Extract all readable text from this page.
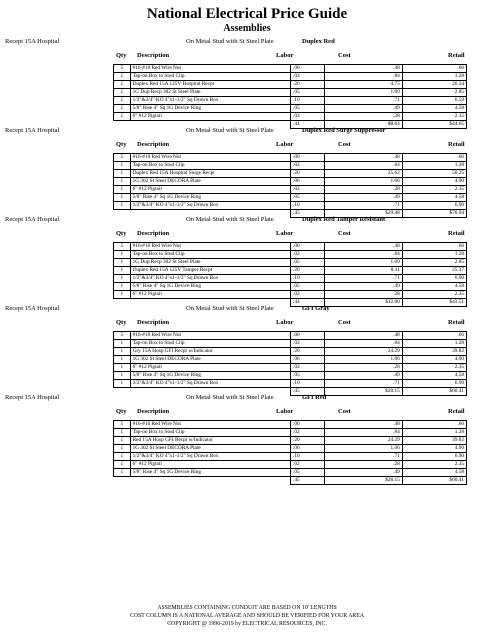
National Electrical Price Guide
Assemblies
Recept 15A Hospital	On Metal Stud with St Steel Plate	Duplex Red
Qty Description	Labor	Cost	Retail
5	#16-#10 Red Wire Nut	.00	.48	.66
1	Tap-on Box to Stud Clip	.02	.84	1.28
1	Duplex Red 15A 125V Hospital Recpt	.20	4.75	26.34
1	1G Dup Recp 302 St Steel Plate	.05	1.09	2.85
1	1/2"&3/4" KO 4"x1-1/2" Sq Drawn Box	.10	.71	6.59
1	5/8" Rise 4" Sq 1G Device Ring	.05	.49	4.58
1	6" #12 Pigtail	.02	.28	2.35
		.44	$8.64	$44.65
Recept 15A Hospital	On Metal Stud with St Steel Plate	Duplex Red Surge Suppressor
Qty Description	Labor	Cost	Retail
5	#16-#10 Red Wire Nut	.00	.48	.66
1	Tap-on Box to Stud Clip	.02	.84	1.28
1	Duplex Red 15A Hospital Surge Recpt	.20	25.62	50.25
1	1G 302 St Steel DECORA Plate	.06	1.06	4.90
1	6" #12 Pigtail	.02	.28	2.35
1	5/8" Rise 4" Sq 1G Device Ring	.05	.49	4.58
1	1/2"&3/4" KO 4"x1-1/2" Sq Drawn Box	.10	.71	6.90
		.45	$29.48	$70.94
Recept 15A Hospital	On Metal Stud with St Steel Plate	Duplex Red Tamper Resistant
Qty Description	Labor	Cost	Retail
5	#16-#10 Red Wire Nut	.00	.48	.66
1	Tap-on Box to Stud Clip	.02	.84	1.28
1	1G Dup Recp 302 St Steel Plate	.05	1.09	2.85
1	Duplex Red 15A 125V Tamper Recpt	.20	8.11	25.37
1	1/2"&3/4" KO 4"x1-1/2" Sq Drawn Box	.10	.71	6.90
1	5/8" Rise 4" Sq 1G Device Ring	.05	.49	4.58
1	6" #12 Pigtail	.02	.28	2.35
		.44	$12.00	$43.51
Recept 15A Hospital	On Metal Stud with St Steel Plate	GFI Gray
Qty Description	Labor	Cost	Retail
5	#16-#10 Red Wire Nut	.00	.48	.66
1	Tap-on Box to Stud Clip	.02	.84	1.28
1	Gry 15A Hosp GFI Recpt w/Indicator	.20	24.29	39.82
1	1G 302 St Steel DECORA Plate	.06	1.06	4.90
1	6" #12 Pigtail	.02	.28	2.35
1	5/8" Rise 4" Sq 1G Device Ring	.05	.49	4.58
1	1/2"&3/4" KO 4"x1-1/2" Sq Drawn Box	.10	.71	6.90
		.45	$28.15	$60.41
Recept 15A Hospital	On Metal Stud with St Steel Plate	GFI Red
Qty Description	Labor	Cost	Retail
5	#16-#10 Red Wire Nut	.00	.48	.66
1	Tap-on Box to Stud Clip	.02	.84	1.28
1	Red 15A Hosp GFI Recpt w/Indicator	.20	24.29	39.82
1	1G 302 St Steel DECORA Plate	.06	1.06	4.90
1	1/2"&3/4" KO 4"x1-1/2" Sq Drawn Box	.10	.71	6.90
1	6" #12 Pigtail	.02	.28	2.35
1	5/8" Rise 4" Sq 1G Device Ring	.05	.49	4.58
		.45	$28.15	$60.41
ASSEMBLIES CONTAINING CONDUIT ARE BASED ON 10' LENGTHS
COST COLUMN IS A NATIONAL AVERAGE AND SHOULD BE VERIFIED FOR YOUR AREA
COPYRIGHT @ 1996-2019 by ELECTRICAL RESOURCES, INC.
